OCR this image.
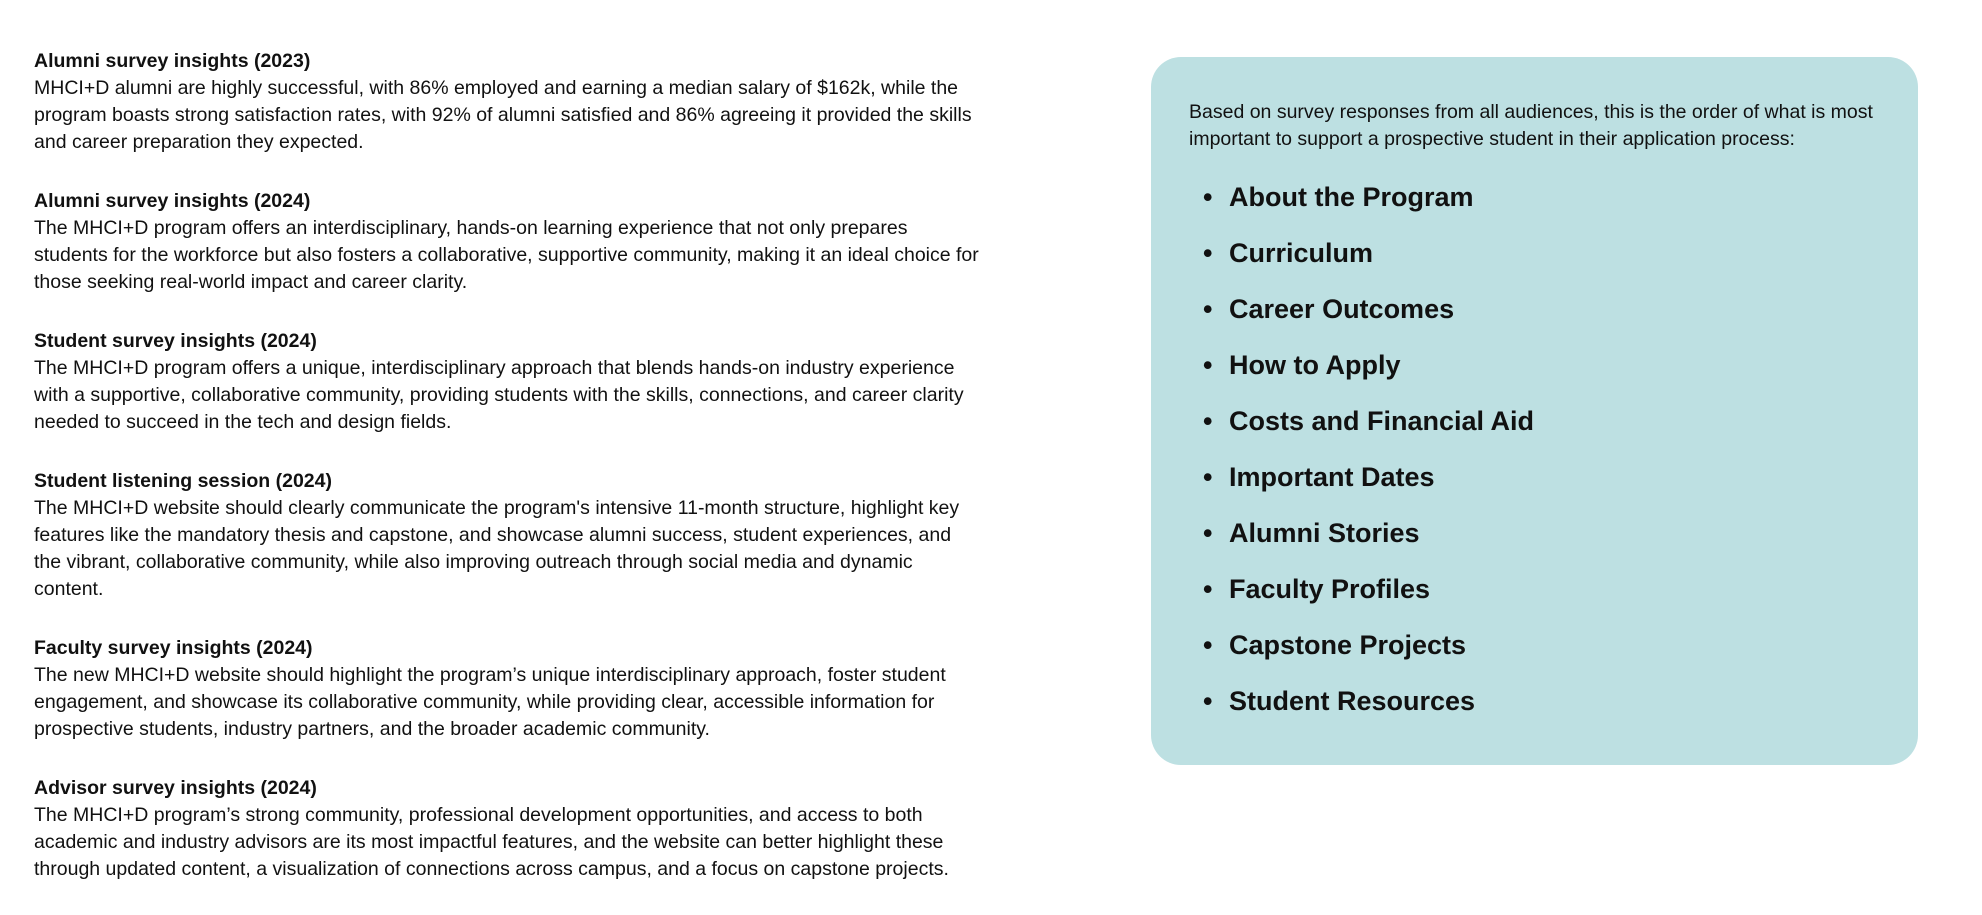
Alumni survey insights (2023)

MHCI+D alumni are highly successful, with 86% employed and earning a median salary of $162k, while the program boasts strong satisfaction rates, with 92% of alumni satisfied and 86% agreeing it provided the skills and career preparation they expected.

Alumni survey insights (2024)

The MHCI+D program offers an interdisciplinary, hands-on learning experience that not only prepares students for the workforce but also fosters a collaborative, supportive community, making it an ideal choice for those seeking real-world impact and career clarity.

Student survey insights (2024)

The MHCI+D program offers a unique, interdisciplinary approach that blends hands-on industry experience with a supportive, collaborative community, providing students with the skills, connections, and career clarity needed to succeed in the tech and design fields.

Student listening session (2024)

The MHCI+D website should clearly communicate the program's intensive 11-month structure, highlight key features like the mandatory thesis and capstone, and showcase alumni success, student experiences, and the vibrant, collaborative community, while also improving outreach through social media and dynamic content.

Faculty survey insights (2024)

The new MHCI+D website should highlight the program’s unique interdisciplinary approach, foster student engagement, and showcase its collaborative community, while providing clear, accessible information for prospective students, industry partners, and the broader academic community.

Advisor survey insights (2024)

The MHCI+D program’s strong community, professional development opportunities, and access to both academic and industry advisors are its most impactful features, and the website can better highlight these through updated content, a visualization of connections across campus, and a focus on capstone projects.

Based on survey responses from all audiences, this is the order of what is most important to support a prospective student in their application process:

• About the Program
• Curriculum
• Career Outcomes
• How to Apply
• Costs and Financial Aid
• Important Dates
• Alumni Stories
• Faculty Profiles
• Capstone Projects
• Student Resources
